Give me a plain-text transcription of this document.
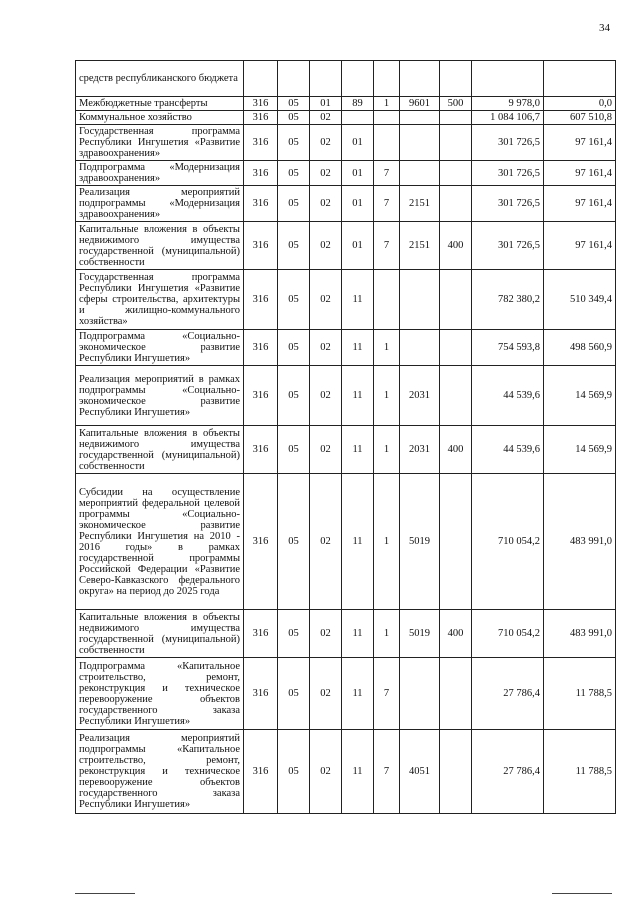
34
средств республиканского бюджета									
Межбюджетные трансферты	316	05	01	89	1	9601	500	9 978,0	0,0
Коммунальное хозяйство	316	05	02					1 084 106,7	607 510,8
Государственная программа Республики Ингушетия «Развитие здравоохранения»	316	05	02	01				301 726,5	97 161,4
Подпрограмма «Модернизация здравоохранения»	316	05	02	01	7			301 726,5	97 161,4
Реализация мероприятий подпрограммы «Модернизация здравоохранения»	316	05	02	01	7	2151		301 726,5	97 161,4
Капитальные вложения в объекты недвижимого имущества государственной (муниципальной) собственности	316	05	02	01	7	2151	400	301 726,5	97 161,4
Государственная программа Республики Ингушетия «Развитие сферы строительства, архитектуры и жилищно-коммунального хозяйства»	316	05	02	11				782 380,2	510 349,4
Подпрограмма «Социально-экономическое развитие Республики Ингушетия»	316	05	02	11	1			754 593,8	498 560,9
Реализация мероприятий в рамках подпрограммы «Социально-экономическое развитие Республики Ингушетия»	316	05	02	11	1	2031		44 539,6	14 569,9
Капитальные вложения в объекты недвижимого имущества государственной (муниципальной) собственности	316	05	02	11	1	2031	400	44 539,6	14 569,9
Субсидии на осуществление мероприятий федеральной целевой программы «Социально-экономическое развитие Республики Ингушетия на 2010 - 2016 годы» в рамках государственной программы Российской Федерации «Развитие Северо-Кавказского федерального округа» на период до 2025 года	316	05	02	11	1	5019		710 054,2	483 991,0
Капитальные вложения в объекты недвижимого имущества государственной (муниципальной) собственности	316	05	02	11	1	5019	400	710 054,2	483 991,0
Подпрограмма «Капитальное строительство, ремонт, реконструкция и техническое перевооружение объектов государственного заказа Республики Ингушетия»	316	05	02	11	7			27 786,4	11 788,5
Реализация мероприятий подпрограммы «Капитальное строительство, ремонт, реконструкция и техническое перевооружение объектов государственного заказа Республики Ингушетия»	316	05	02	11	7	4051		27 786,4	11 788,5
